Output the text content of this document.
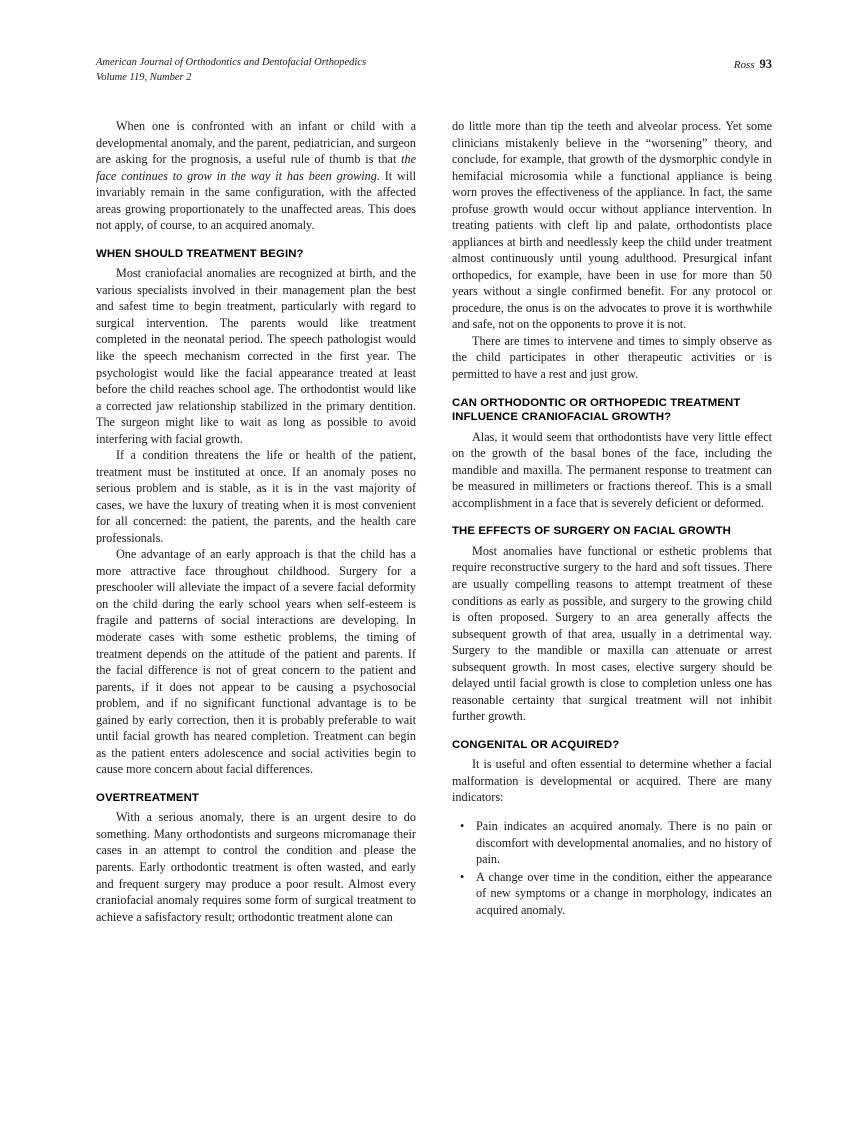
American Journal of Orthodontics and Dentofacial Orthopedics
Volume 119, Number 2
Ross 93

When one is confronted with an infant or child with a developmental anomaly, and the parent, pediatrician, and surgeon are asking for the prognosis, a useful rule of thumb is that the face continues to grow in the way it has been growing. It will invariably remain in the same configuration, with the affected areas growing proportionately to the unaffected areas. This does not apply, of course, to an acquired anomaly.

WHEN SHOULD TREATMENT BEGIN?

Most craniofacial anomalies are recognized at birth, and the various specialists involved in their management plan the best and safest time to begin treatment, particularly with regard to surgical intervention. The parents would like treatment completed in the neonatal period. The speech pathologist would like the speech mechanism corrected in the first year. The psychologist would like the facial appearance treated at least before the child reaches school age. The orthodontist would like a corrected jaw relationship stabilized in the primary dentition. The surgeon might like to wait as long as possible to avoid interfering with facial growth.

If a condition threatens the life or health of the patient, treatment must be instituted at once. If an anomaly poses no serious problem and is stable, as it is in the vast majority of cases, we have the luxury of treating when it is most convenient for all concerned: the patient, the parents, and the health care professionals.

One advantage of an early approach is that the child has a more attractive face throughout childhood. Surgery for a preschooler will alleviate the impact of a severe facial deformity on the child during the early school years when self-esteem is fragile and patterns of social interactions are developing. In moderate cases with some esthetic problems, the timing of treatment depends on the attitude of the patient and parents. If the facial difference is not of great concern to the patient and parents, if it does not appear to be causing a psychosocial problem, and if no significant functional advantage is to be gained by early correction, then it is probably preferable to wait until facial growth has neared completion. Treatment can begin as the patient enters adolescence and social activities begin to cause more concern about facial differences.

OVERTREATMENT

With a serious anomaly, there is an urgent desire to do something. Many orthodontists and surgeons micromanage their cases in an attempt to control the condition and please the parents. Early orthodontic treatment is often wasted, and early and frequent surgery may produce a poor result. Almost every craniofacial anomaly requires some form of surgical treatment to achieve a safisfactory result; orthodontic treatment alone can

do little more than tip the teeth and alveolar process. Yet some clinicians mistakenly believe in the “worsening” theory, and conclude, for example, that growth of the dysmorphic condyle in hemifacial microsomia while a functional appliance is being worn proves the effectiveness of the appliance. In fact, the same profuse growth would occur without appliance intervention. In treating patients with cleft lip and palate, orthodontists place appliances at birth and needlessly keep the child under treatment almost continuously until young adulthood. Presurgical infant orthopedics, for example, have been in use for more than 50 years without a single confirmed benefit. For any protocol or procedure, the onus is on the advocates to prove it is worthwhile and safe, not on the opponents to prove it is not.

There are times to intervene and times to simply observe as the child participates in other therapeutic activities or is permitted to have a rest and just grow.

CAN ORTHODONTIC OR ORTHOPEDIC TREATMENT
INFLUENCE CRANIOFACIAL GROWTH?

Alas, it would seem that orthodontists have very little effect on the growth of the basal bones of the face, including the mandible and maxilla. The permanent response to treatment can be measured in millimeters or fractions thereof. This is a small accomplishment in a face that is severely deficient or deformed.

THE EFFECTS OF SURGERY ON FACIAL GROWTH

Most anomalies have functional or esthetic problems that require reconstructive surgery to the hard and soft tissues. There are usually compelling reasons to attempt treatment of these conditions as early as possible, and surgery to the growing child is often proposed. Surgery to an area generally affects the subsequent growth of that area, usually in a detrimental way. Surgery to the mandible or maxilla can attenuate or arrest subsequent growth. In most cases, elective surgery should be delayed until facial growth is close to completion unless one has reasonable certainty that surgical treatment will not inhibit further growth.

CONGENITAL OR ACQUIRED?

It is useful and often essential to determine whether a facial malformation is developmental or acquired. There are many indicators:

• Pain indicates an acquired anomaly. There is no pain or discomfort with developmental anomalies, and no history of pain.
• A change over time in the condition, either the appearance of new symptoms or a change in morphology, indicates an acquired anomaly.
